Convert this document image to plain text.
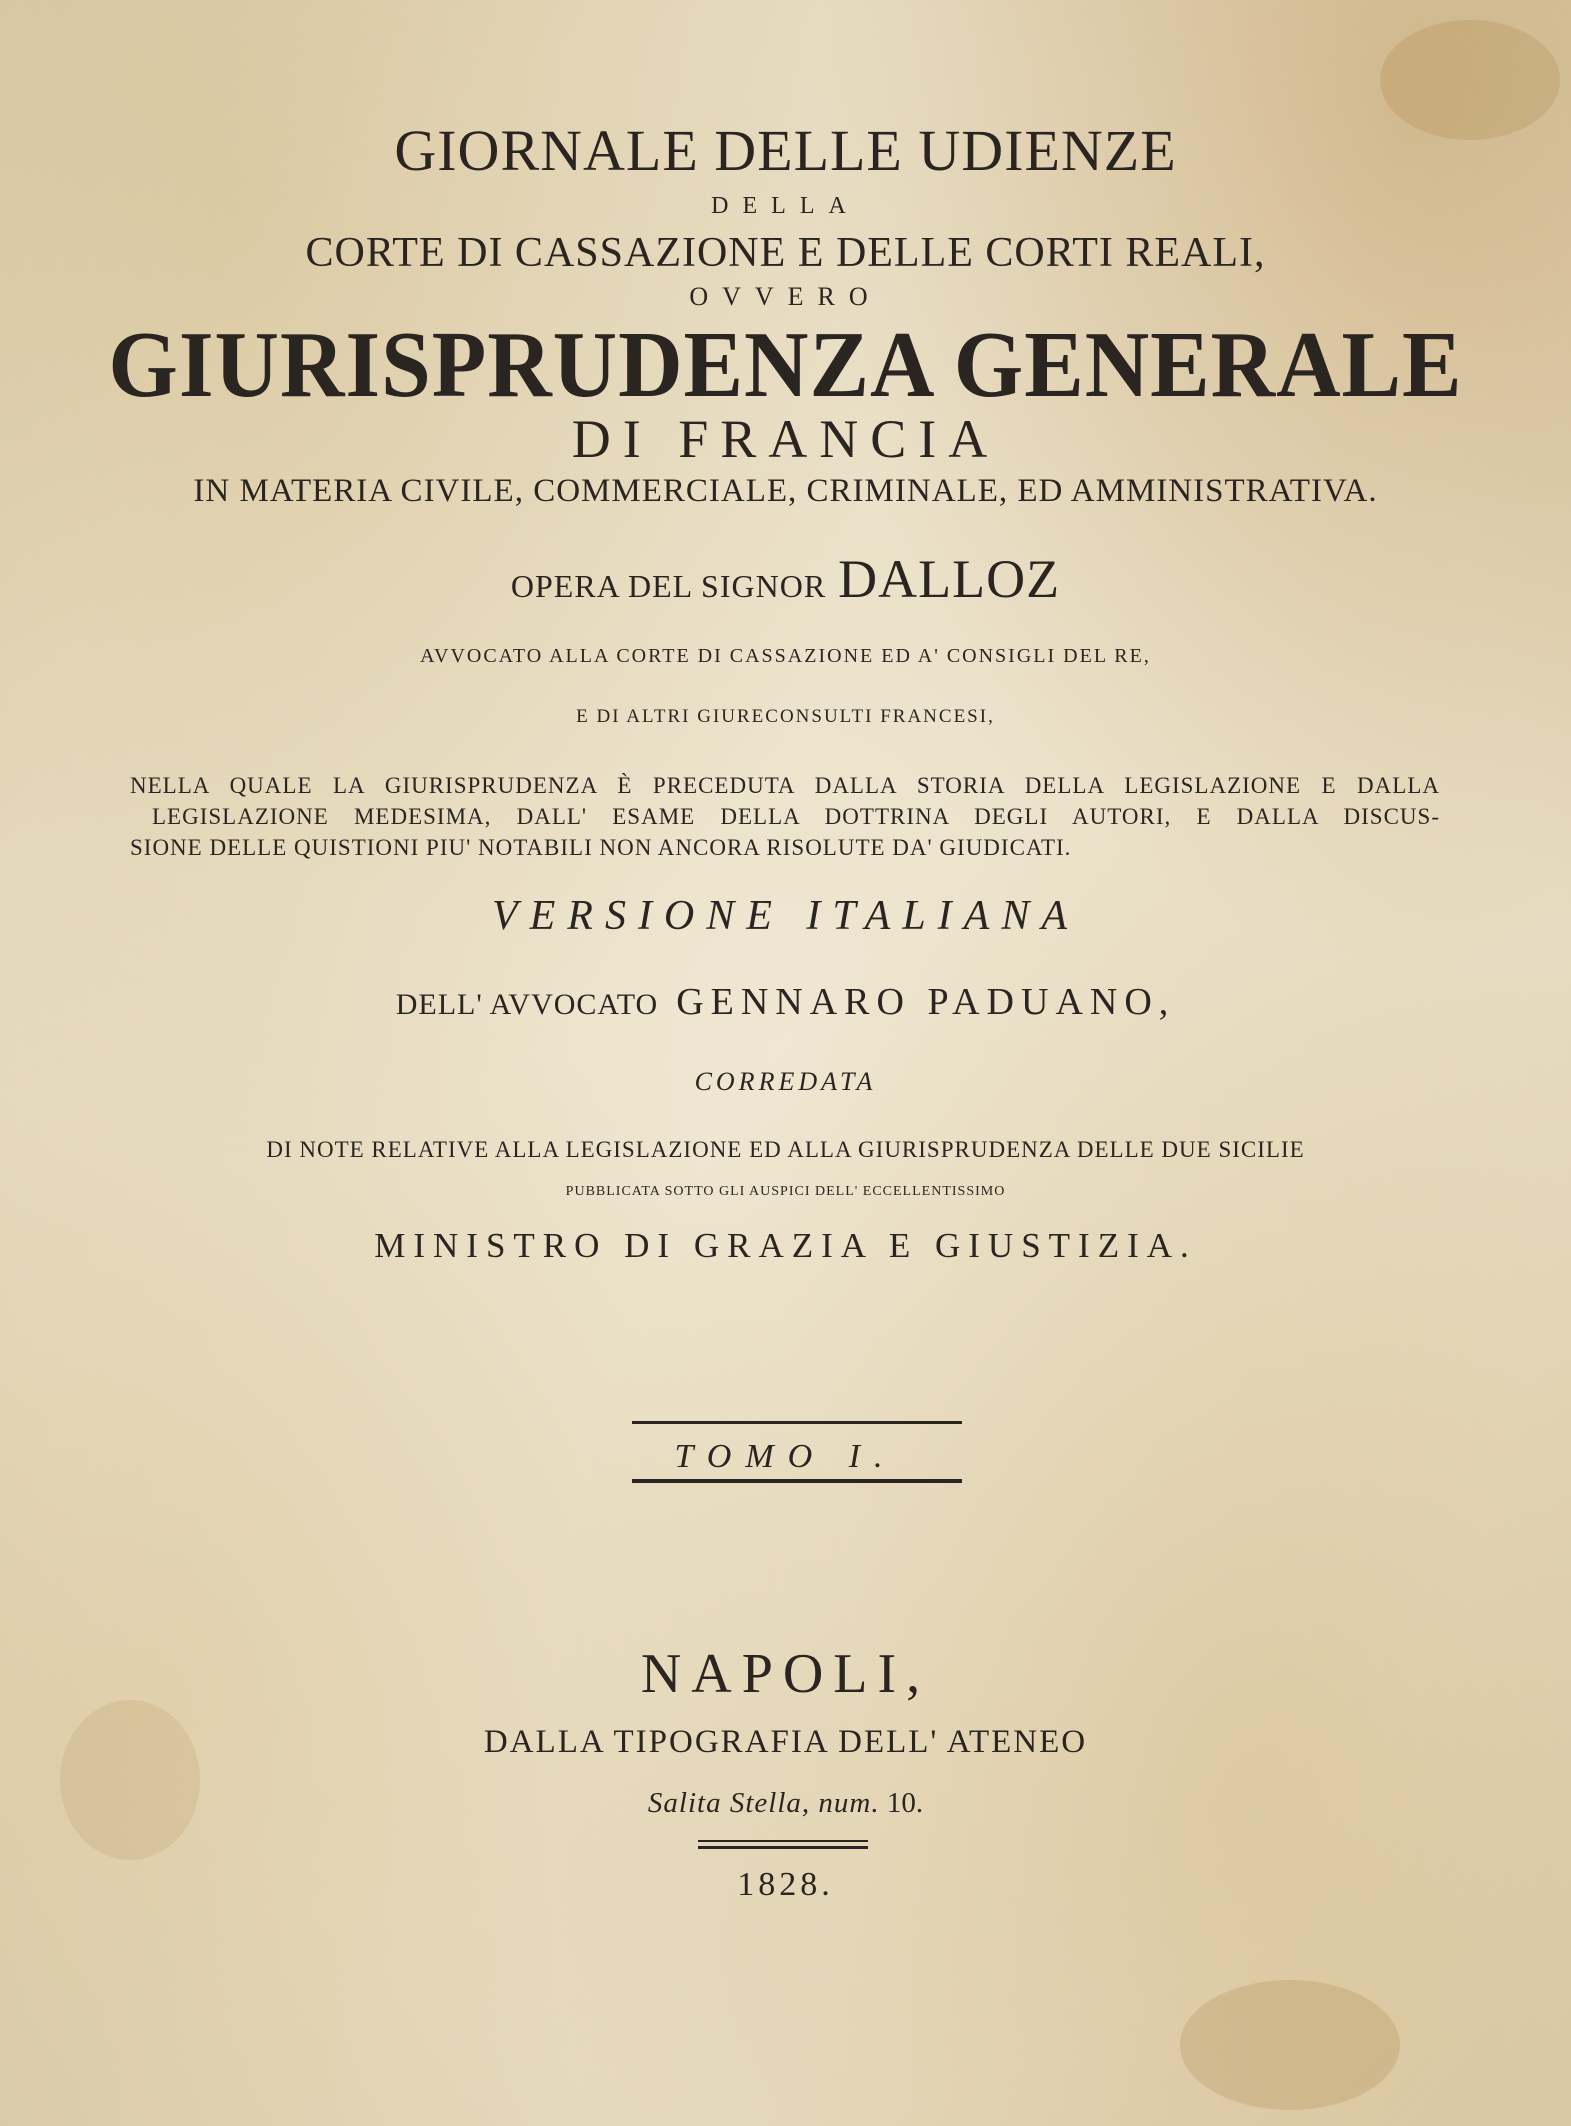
GIORNALE DELLE UDIENZE
DELLA
CORTE DI CASSAZIONE E DELLE CORTI REALI,
OVVERO
GIURISPRUDENZA GENERALE
DI FRANCIA
IN MATERIA CIVILE, COMMERCIALE, CRIMINALE, ED AMMINISTRATIVA.
OPERA DEL SIGNOR DALLOZ
AVVOCATO ALLA CORTE DI CASSAZIONE ED A' CONSIGLI DEL RE,
E DI ALTRI GIURECONSULTI FRANCESI,
NELLA QUALE LA GIURISPRUDENZA È PRECEDUTA DALLA STORIA DELLA LEGISLAZIONE E DALLA
LEGISLAZIONE MEDESIMA, DALL' ESAME DELLA DOTTRINA DEGLI AUTORI, E DALLA DISCUS-
SIONE DELLE QUISTIONI PIU' NOTABILI NON ANCORA RISOLUTE DA' GIUDICATI.
VERSIONE ITALIANA
DELL' AVVOCATO GENNARO PADUANO,
CORREDATA
DI NOTE RELATIVE ALLA LEGISLAZIONE ED ALLA GIURISPRUDENZA DELLE DUE SICILIE
PUBBLICATA SOTTO GLI AUSPICI DELL' ECCELLENTISSIMO
MINISTRO DI GRAZIA E GIUSTIZIA.
TOMO I.
NAPOLI,
DALLA TIPOGRAFIA DELL' ATENEO
Salita Stella, num. 10.
1828.
